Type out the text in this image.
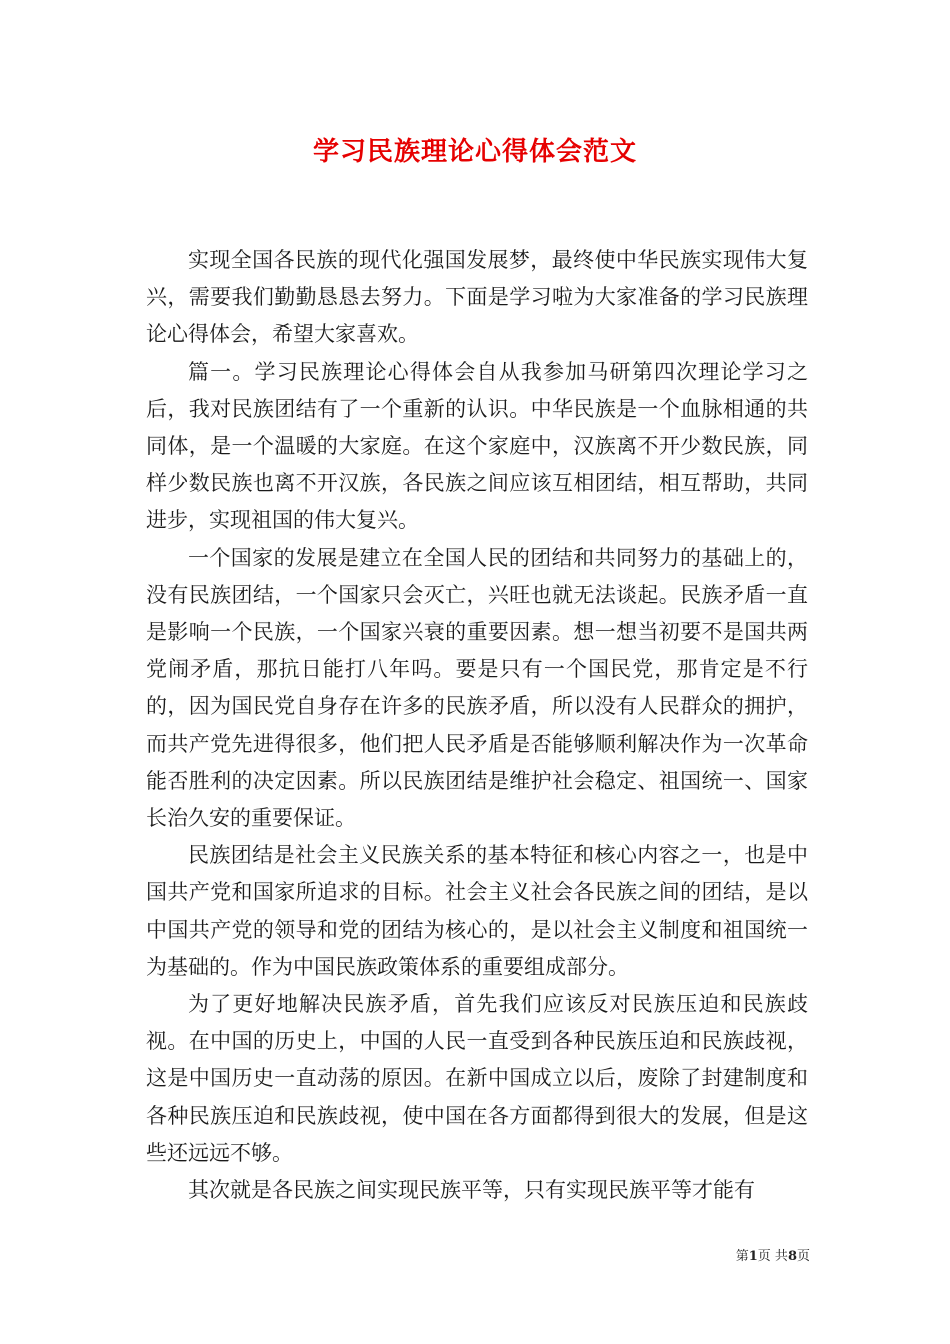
学习民族理论心得体会范文

实现全国各民族的现代化强国发展梦，最终使中华民族实现伟大复兴，需要我们勤勤恳恳去努力。下面是学习啦为大家准备的学习民族理论心得体会，希望大家喜欢。

篇一。学习民族理论心得体会自从我参加马研第四次理论学习之后，我对民族团结有了一个重新的认识。中华民族是一个血脉相通的共同体，是一个温暖的大家庭。在这个家庭中，汉族离不开少数民族，同样少数民族也离不开汉族，各民族之间应该互相团结，相互帮助，共同进步，实现祖国的伟大复兴。

一个国家的发展是建立在全国人民的团结和共同努力的基础上的，没有民族团结，一个国家只会灭亡，兴旺也就无法谈起。民族矛盾一直是影响一个民族，一个国家兴衰的重要因素。想一想当初要不是国共两党闹矛盾，那抗日能打八年吗。要是只有一个国民党，那肯定是不行的，因为国民党自身存在许多的民族矛盾，所以没有人民群众的拥护，而共产党先进得很多，他们把人民矛盾是否能够顺利解决作为一次革命能否胜利的决定因素。所以民族团结是维护社会稳定、祖国统一、国家长治久安的重要保证。

民族团结是社会主义民族关系的基本特征和核心内容之一，也是中国共产党和国家所追求的目标。社会主义社会各民族之间的团结，是以中国共产党的领导和党的团结为核心的，是以社会主义制度和祖国统一为基础的。作为中国民族政策体系的重要组成部分。

为了更好地解决民族矛盾，首先我们应该反对民族压迫和民族歧视。在中国的历史上，中国的人民一直受到各种民族压迫和民族歧视，这是中国历史一直动荡的原因。在新中国成立以后，废除了封建制度和各种民族压迫和民族歧视，使中国在各方面都得到很大的发展，但是这些还远远不够。

其次就是各民族之间实现民族平等，只有实现民族平等才能有

第1页 共8页
